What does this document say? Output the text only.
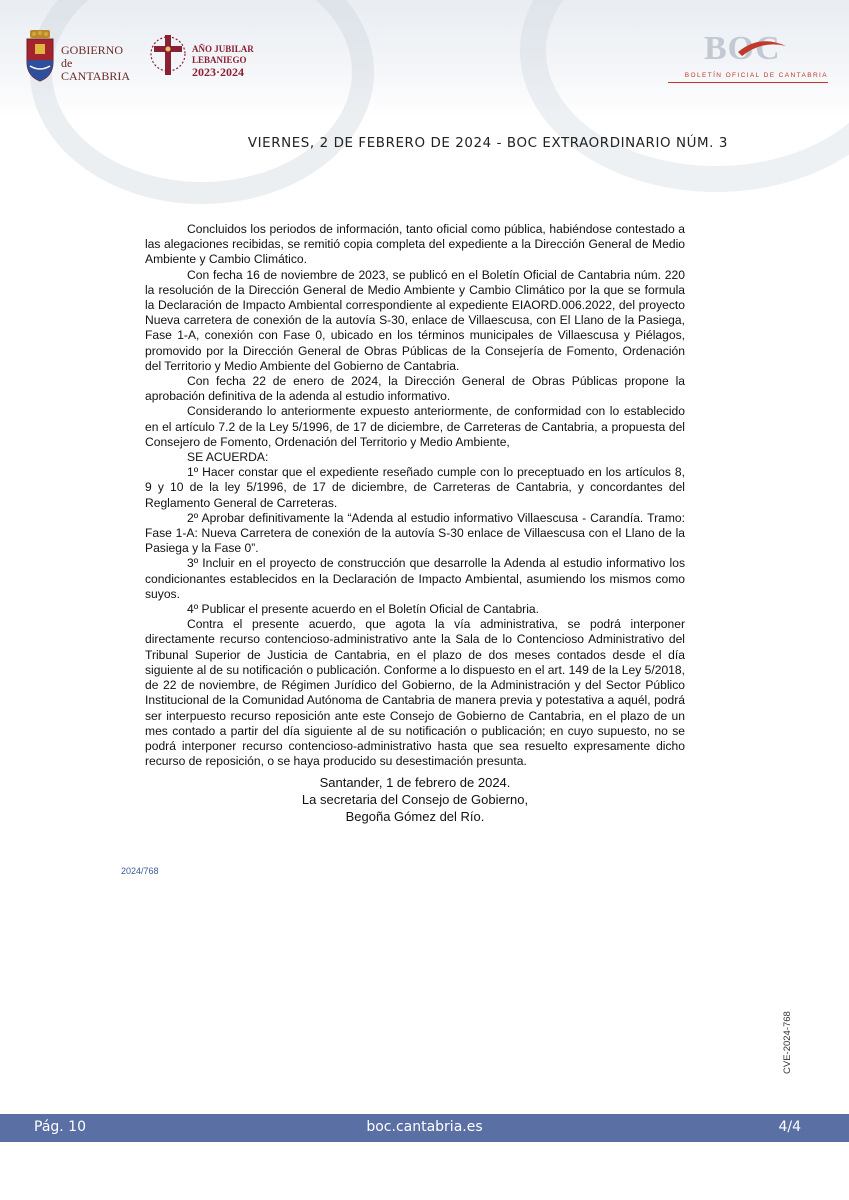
GOBIERNO
de
CANTABRIA
AÑO JUBILAR
LEBANIEGO
2023·2024
BOC
BOLETÍN OFICIAL DE CANTABRIA
VIERNES, 2 DE FEBRERO DE 2024 - BOC EXTRAORDINARIO NÚM. 3

Concluidos los periodos de información, tanto oficial como pública, habiéndose contestado a las alegaciones recibidas, se remitió copia completa del expediente a la Dirección General de Medio Ambiente y Cambio Climático.

Con fecha 16 de noviembre de 2023, se publicó en el Boletín Oficial de Cantabria núm. 220 la resolución de la Dirección General de Medio Ambiente y Cambio Climático por la que se formula la Declaración de Impacto Ambiental correspondiente al expediente EIAORD.006.2022, del proyecto Nueva carretera de conexión de la autovía S-30, enlace de Villaescusa, con El Llano de la Pasiega, Fase 1-A, conexión con Fase 0, ubicado en los términos municipales de Villaescusa y Piélagos, promovido por la Dirección General de Obras Públicas de la Consejería de Fomento, Ordenación del Territorio y Medio Ambiente del Gobierno de Cantabria.

Con fecha 22 de enero de 2024, la Dirección General de Obras Públicas propone la aprobación definitiva de la adenda al estudio informativo.

Considerando lo anteriormente expuesto anteriormente, de conformidad con lo establecido en el artículo 7.2 de la Ley 5/1996, de 17 de diciembre, de Carreteras de Cantabria, a propuesta del Consejero de Fomento, Ordenación del Territorio y Medio Ambiente,

SE ACUERDA:

1º Hacer constar que el expediente reseñado cumple con lo preceptuado en los artículos 8, 9 y 10 de la ley 5/1996, de 17 de diciembre, de Carreteras de Cantabria, y concordantes del Reglamento General de Carreteras.

2º Aprobar definitivamente la “Adenda al estudio informativo Villaescusa - Carandía. Tramo: Fase 1-A: Nueva Carretera de conexión de la autovía S-30 enlace de Villaescusa con el Llano de la Pasiega y la Fase 0”.

3º Incluir en el proyecto de construcción que desarrolle la Adenda al estudio informativo los condicionantes establecidos en la Declaración de Impacto Ambiental, asumiendo los mismos como suyos.

4º Publicar el presente acuerdo en el Boletín Oficial de Cantabria.

Contra el presente acuerdo, que agota la vía administrativa, se podrá interponer directamente recurso contencioso-administrativo ante la Sala de lo Contencioso Administrativo del Tribunal Superior de Justicia de Cantabria, en el plazo de dos meses contados desde el día siguiente al de su notificación o publicación. Conforme a lo dispuesto en el art. 149 de la Ley 5/2018, de 22 de noviembre, de Régimen Jurídico del Gobierno, de la Administración y del Sector Público Institucional de la Comunidad Autónoma de Cantabria de manera previa y potestativa a aquél, podrá ser interpuesto recurso reposición ante este Consejo de Gobierno de Cantabria, en el plazo de un mes contado a partir del día siguiente al de su notificación o publicación; en cuyo supuesto, no se podrá interponer recurso contencioso-administrativo hasta que sea resuelto expresamente dicho recurso de reposición, o se haya producido su desestimación presunta.

Santander, 1 de febrero de 2024.
La secretaria del Consejo de Gobierno,
Begoña Gómez del Río.
2024/768
CVE-2024-768
Pág. 10	boc.cantabria.es	4/4
